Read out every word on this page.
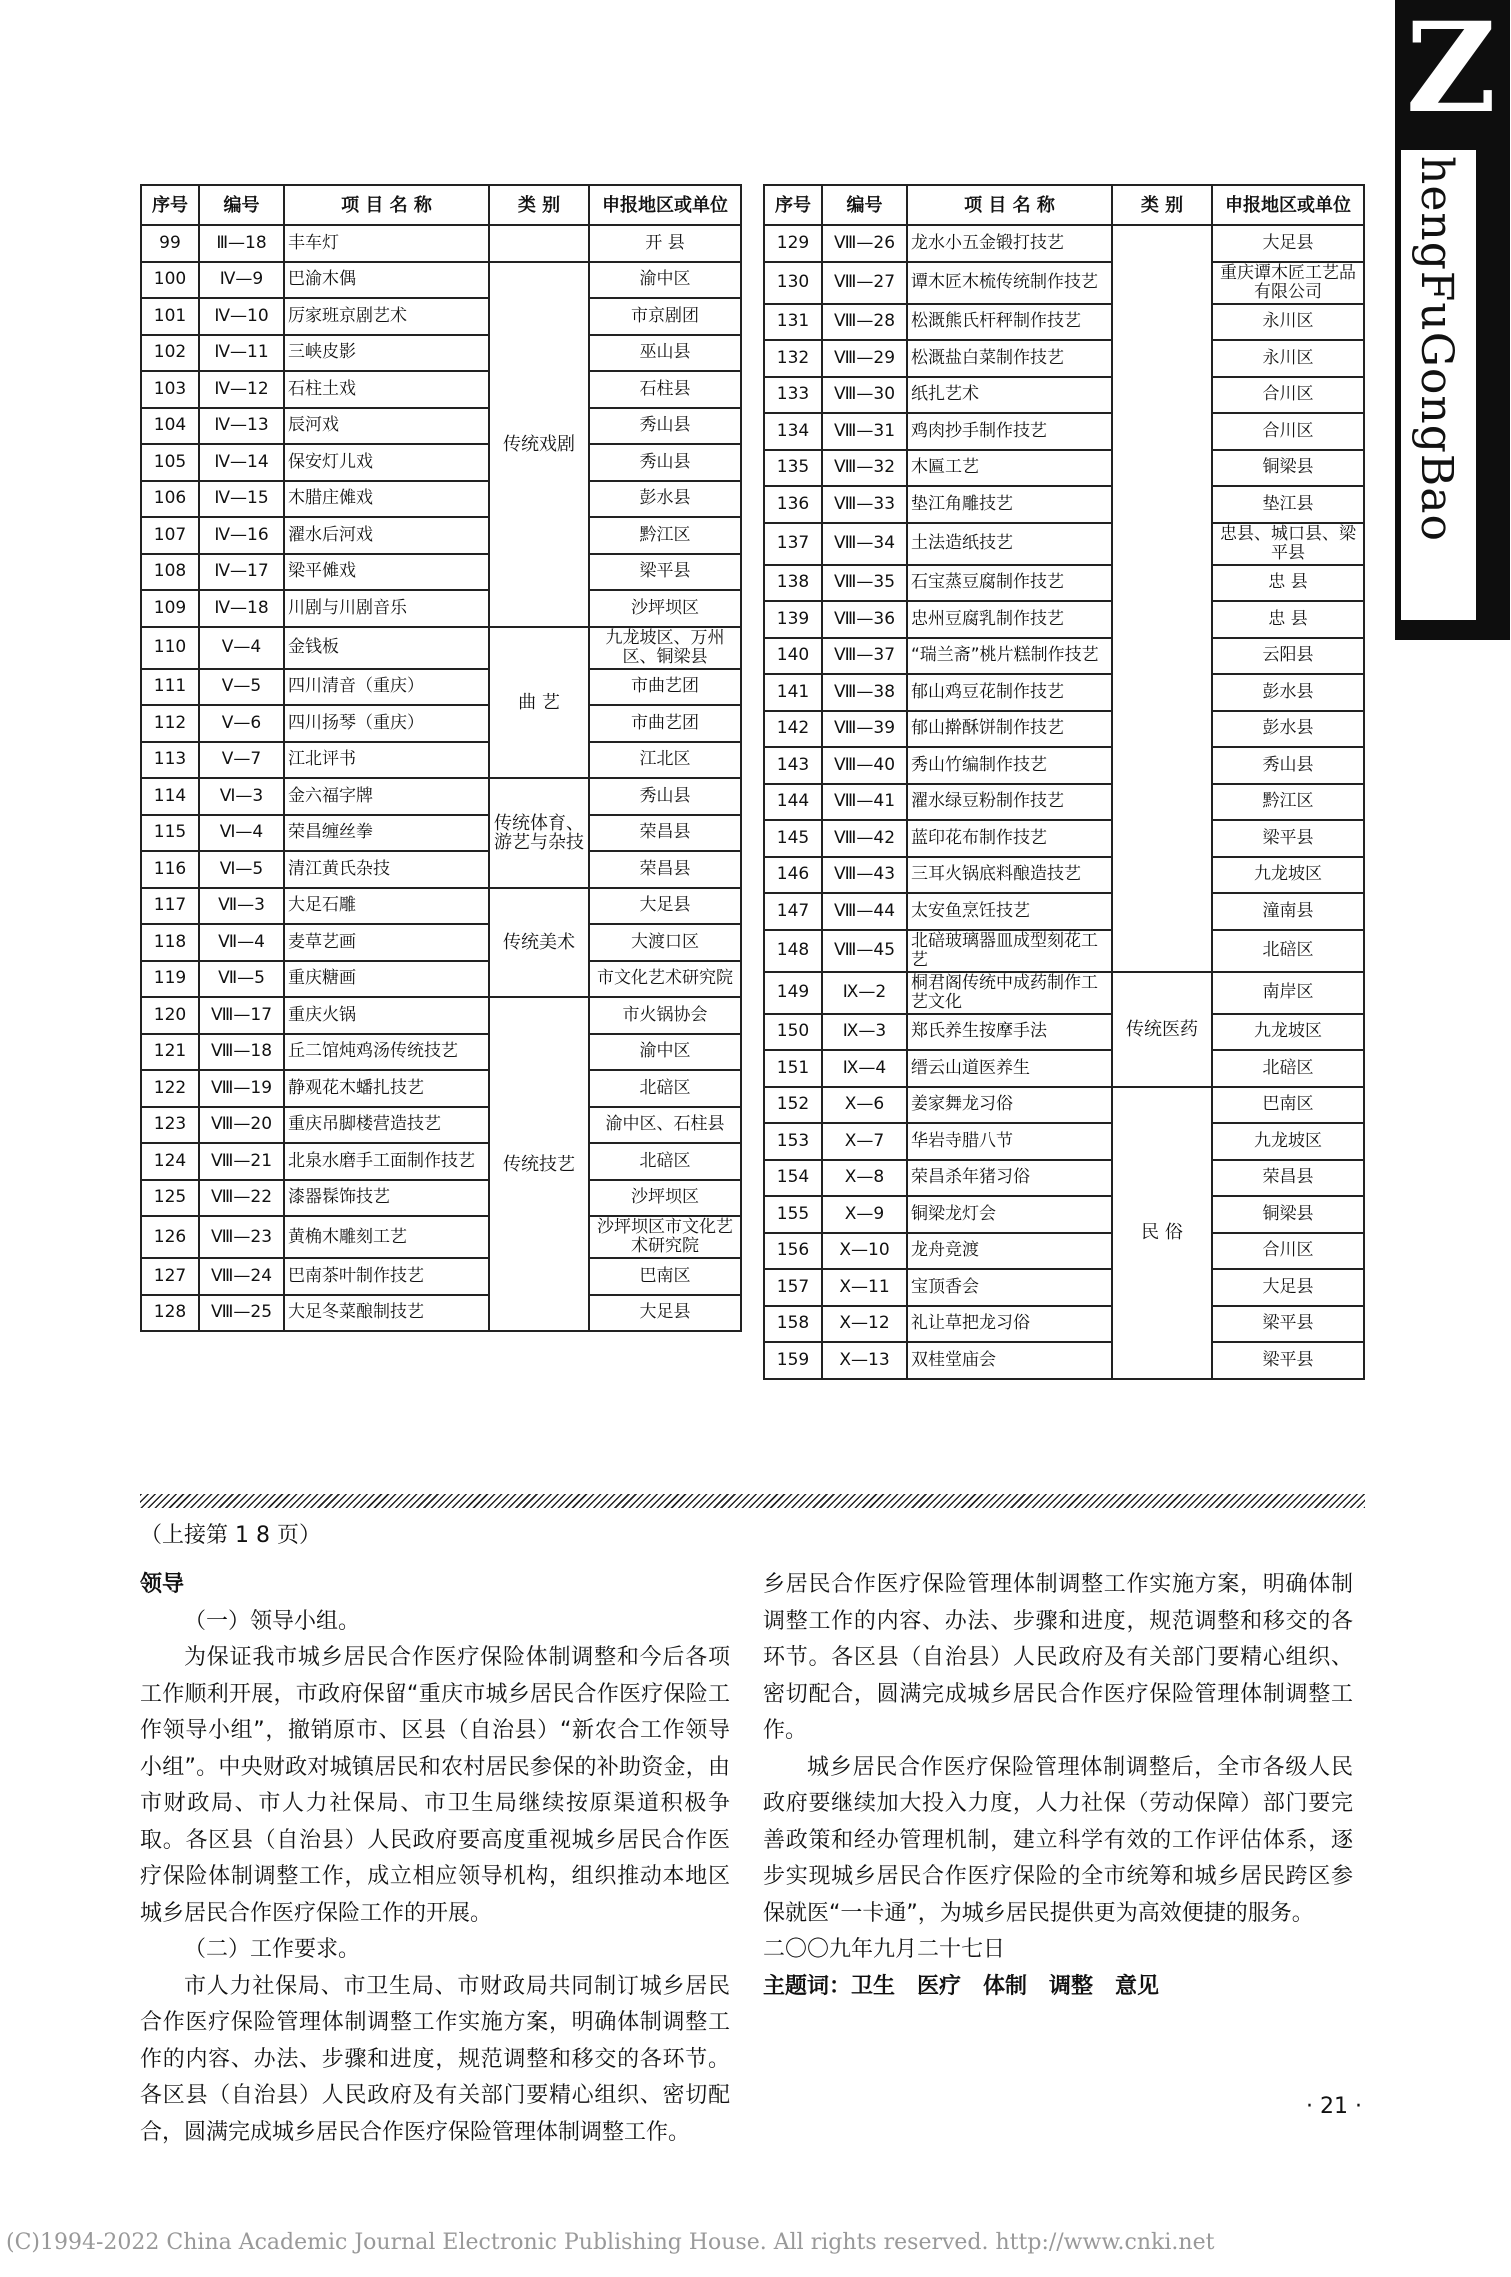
Z
hengFuGongBao
序号	编号	项 目 名 称	类 别	申报地区或单位
99	Ⅲ—18	丰车灯		开 县
100	Ⅳ—9	巴渝木偶	传统戏剧	渝中区
101	Ⅳ—10	厉家班京剧艺术		市京剧团
102	Ⅳ—11	三峡皮影		巫山县
103	Ⅳ—12	石柱土戏		石柱县
104	Ⅳ—13	辰河戏		秀山县
105	Ⅳ—14	保安灯儿戏		秀山县
106	Ⅳ—15	木腊庄傩戏		彭水县
107	Ⅳ—16	濯水后河戏		黔江区
108	Ⅳ—17	梁平傩戏		梁平县
109	Ⅳ—18	川剧与川剧音乐		沙坪坝区
110	Ⅴ—4	金钱板	曲 艺	九龙坡区、万州区、铜梁县
111	Ⅴ—5	四川清音（重庆）		市曲艺团
112	Ⅴ—6	四川扬琴（重庆）		市曲艺团
113	Ⅴ—7	江北评书		江北区
114	Ⅵ—3	金六福字牌	传统体育、游艺与杂技	秀山县
115	Ⅵ—4	荣昌缠丝拳		荣昌县
116	Ⅵ—5	清江黄氏杂技		荣昌县
117	Ⅶ—3	大足石雕	传统美术	大足县
118	Ⅶ—4	麦草艺画		大渡口区
119	Ⅶ—5	重庆糖画		市文化艺术研究院
120	Ⅷ—17	重庆火锅	传统技艺	市火锅协会
121	Ⅷ—18	丘二馆炖鸡汤传统技艺		渝中区
122	Ⅷ—19	静观花木蟠扎技艺		北碚区
123	Ⅷ—20	重庆吊脚楼营造技艺		渝中区、石柱县
124	Ⅷ—21	北泉水磨手工面制作技艺		北碚区
125	Ⅷ—22	漆器髹饰技艺		沙坪坝区
126	Ⅷ—23	黄桷木雕刻工艺		沙坪坝区市文化艺术研究院
127	Ⅷ—24	巴南茶叶制作技艺		巴南区
128	Ⅷ—25	大足冬菜酿制技艺		大足县
序号	编号	项 目 名 称	类 别	申报地区或单位
129	Ⅷ—26	龙水小五金锻打技艺		大足县
130	Ⅷ—27	谭木匠木梳传统制作技艺		重庆谭木匠工艺品有限公司
131	Ⅷ—28	松溉熊氏杆秤制作技艺		永川区
132	Ⅷ—29	松溉盐白菜制作技艺		永川区
133	Ⅷ—30	纸扎艺术		合川区
134	Ⅷ—31	鸡肉抄手制作技艺		合川区
135	Ⅷ—32	木匾工艺		铜梁县
136	Ⅷ—33	垫江角雕技艺		垫江县
137	Ⅷ—34	土法造纸技艺		忠县、城口县、梁平县
138	Ⅷ—35	石宝蒸豆腐制作技艺		忠 县
139	Ⅷ—36	忠州豆腐乳制作技艺		忠 县
140	Ⅷ—37	“瑞兰斋”桃片糕制作技艺		云阳县
141	Ⅷ—38	郁山鸡豆花制作技艺		彭水县
142	Ⅷ—39	郁山擀酥饼制作技艺		彭水县
143	Ⅷ—40	秀山竹编制作技艺		秀山县
144	Ⅷ—41	濯水绿豆粉制作技艺		黔江区
145	Ⅷ—42	蓝印花布制作技艺		梁平县
146	Ⅷ—43	三耳火锅底料酿造技艺		九龙坡区
147	Ⅷ—44	太安鱼烹饪技艺		潼南县
148	Ⅷ—45	北碚玻璃器皿成型刻花工艺		北碚区
149	Ⅸ—2	桐君阁传统中成药制作工艺文化	传统医药	南岸区
150	Ⅸ—3	郑氏养生按摩手法		九龙坡区
151	Ⅸ—4	缙云山道医养生		北碚区
152	Ⅹ—6	姜家舞龙习俗	民 俗	巴南区
153	Ⅹ—7	华岩寺腊八节		九龙坡区
154	Ⅹ—8	荣昌杀年猪习俗		荣昌县
155	Ⅹ—9	铜梁龙灯会		铜梁县
156	Ⅹ—10	龙舟竞渡		合川区
157	Ⅹ—11	宝顶香会		大足县
158	Ⅹ—12	礼让草把龙习俗		梁平县
159	Ⅹ—13	双桂堂庙会		梁平县
（上接第 1 8 页）

领导

（一）领导小组。

为保证我市城乡居民合作医疗保险体制调整和今后各项工作顺利开展，市政府保留“重庆市城乡居民合作医疗保险工作领导小组”，撤销原市、区县（自治县）“新农合工作领导小组”。中央财政对城镇居民和农村居民参保的补助资金，由市财政局、市人力社保局、市卫生局继续按原渠道积极争取。各区县（自治县）人民政府要高度重视城乡居民合作医疗保险体制调整工作，成立相应领导机构，组织推动本地区城乡居民合作医疗保险工作的开展。

（二）工作要求。

市人力社保局、市卫生局、市财政局共同制订城乡居民合作医疗保险管理体制调整工作实施方案，明确体制调整工作的内容、办法、步骤和进度，规范调整和移交的各环节。各区县（自治县）人民政府及有关部门要精心组织、密切配合，圆满完成城乡居民合作医疗保险管理体制调整工作。

乡居民合作医疗保险管理体制调整工作实施方案，明确体制调整工作的内容、办法、步骤和进度，规范调整和移交的各环节。各区县（自治县）人民政府及有关部门要精心组织、密切配合，圆满完成城乡居民合作医疗保险管理体制调整工作。

城乡居民合作医疗保险管理体制调整后，全市各级人民政府要继续加大投入力度，人力社保（劳动保障）部门要完善政策和经办管理机制，建立科学有效的工作评估体系，逐步实现城乡居民合作医疗保险的全市统筹和城乡居民跨区参保就医“一卡通”，为城乡居民提供更为高效便捷的服务。

二〇〇九年九月二十七日

主题词：卫生　医疗　体制　调整　意见

· 21 ·
(C)1994-2022 China Academic Journal Electronic Publishing House. All rights reserved. http://www.cnki.net
